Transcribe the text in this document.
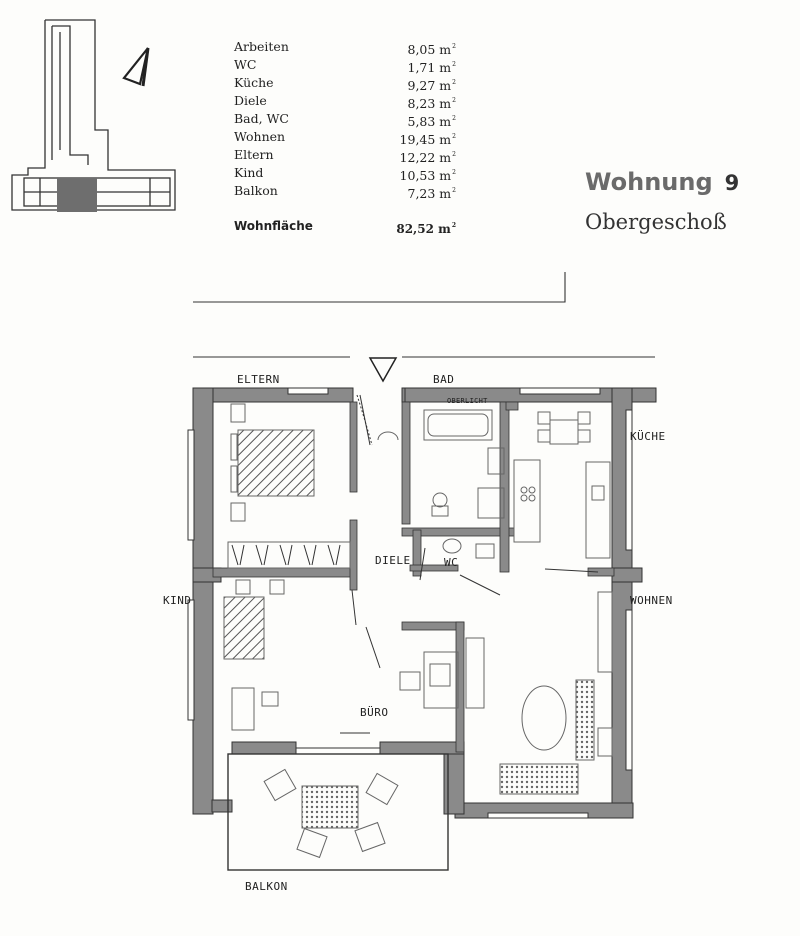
Arbeiten	8,05 $m^2$
WC	1,71 $m^2$
Küche	9,27 $m^2$
Diele	8,23 $m^2$
Bad, WC	5,83 $m^2$
Wohnen	19,45 $m^2$
Eltern	12,22 $m^2$
Kind	10,53 $m^2$
Balkon	7,23 $m^2$
Wohnfläche	82,52 $m^2$
Wohnung 9
Obergeschoß
ELTERN	BAD
OBERLICHT
KÜCHE
KIND
DIELE	WC
WOHNEN
BÜRO
BALKON
